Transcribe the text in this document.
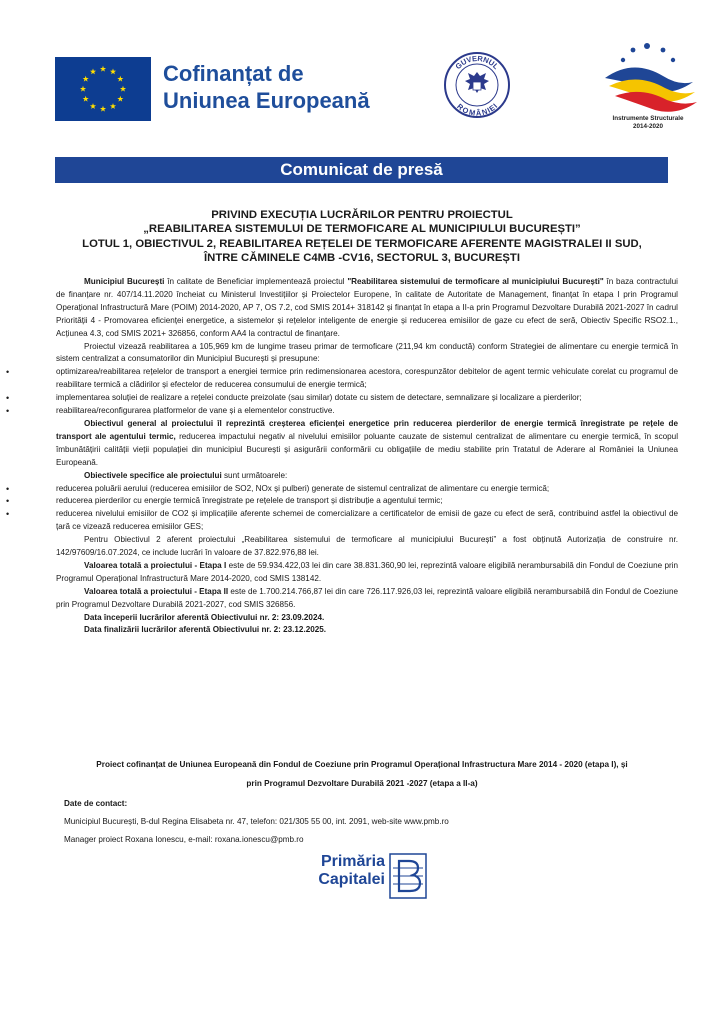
Cofinanțat de
Uniunea Europeană
GUVERNUL
ROMÂNIEI
Instrumente Structurale
2014-2020
Comunicat de presă
PRIVIND EXECUȚIA LUCRĂRILOR PENTRU PROIECTUL
„REABILITAREA SISTEMULUI DE TERMOFICARE AL MUNICIPIULUI BUCUREȘTI”
LOTUL 1, OBIECTIVUL 2, REABILITAREA REȚELEI DE TERMOFICARE AFERENTE MAGISTRALEI II SUD,
ÎNTRE CĂMINELE C4MB -CV16, SECTORUL 3, BUCUREȘTI

Municipiul București în calitate de Beneficiar implementează proiectul "Reabilitarea sistemului de termoficare al municipiului București" în baza contractului de finanțare nr. 407/14.11.2020 încheiat cu Ministerul Investițiilor și Proiectelor Europene, în calitate de Autoritate de Management, finanțat în etapa I prin Programul Operațional Infrastructură Mare (POIM) 2014-2020, AP 7, OS 7.2, cod SMIS 2014+ 318142 și finanțat în etapa a II-a prin Programul Dezvoltare Durabilă 2021-2027 în cadrul Priorității 4 - Promovarea eficienței energetice, a sistemelor și rețelelor inteligente de energie și reducerea emisiilor de gaze cu efect de seră, Obiectiv Specific RSO2.1., Acțiunea 4.3, cod SMIS 2021+ 326856, conform AA4 la contractul de finanțare.

Proiectul vizează reabilitarea a 105,969 km de lungime traseu primar de termoficare (211,94 km conductă) conform Strategiei de alimentare cu energie termică în sistem centralizat a consumatorilor din Municipiul București și presupune:

• optimizarea/reabilitarea rețelelor de transport a energiei termice prin redimensionarea acestora, corespunzător debitelor de agent termic vehiculate corelat cu programul de reabilitare termică a clădirilor și efectelor de reducerea consumului de energie termică;
• implementarea soluției de realizare a rețelei conducte preizolate (sau similar) dotate cu sistem de detectare, semnalizare și localizare a pierderilor;
• reabilitarea/reconfigurarea platformelor de vane și a elementelor constructive.

Obiectivul general al proiectului îl reprezintă creșterea eficienței energetice prin reducerea pierderilor de energie termică înregistrate pe rețele de transport ale agentului termic, reducerea impactului negativ al nivelului emisiilor poluante cauzate de sistemul centralizat de alimentare cu energie termică, în scopul îmbunătățirii calității vieții populației din municipiul București și asigurării conformării cu obligațiile de mediu stabilite prin Tratatul de Aderare al României la Uniunea Europeană.

Obiectivele specifice ale proiectului sunt următoarele:

• reducerea poluării aerului (reducerea emisiilor de SO2, NOx și pulberi) generate de sistemul centralizat de alimentare cu energie termică;
• reducerea pierderilor cu energie termică înregistrate pe rețelele de transport și distribuție a agentului termic;
• reducerea nivelului emisiilor de CO2 și implicațiile aferente schemei de comercializare a certificatelor de emisii de gaze cu efect de seră, contribuind astfel la obiectivul de țară ce vizează reducerea emisiilor GES;

Pentru Obiectivul 2 aferent proiectului „Reabilitarea sistemului de termoficare al municipiului București” a fost obținută Autorizația de construire nr. 142/97609/16.07.2024, ce include lucrări în valoare de 37.822.976,88 lei.

Valoarea totală a proiectului - Etapa I este de 59.934.422,03 lei din care 38.831.360,90 lei, reprezintă valoare eligibilă nerambursabilă din Fondul de Coeziune prin Programul Operațional Infrastructură Mare 2014-2020, cod SMIS 138142.

Valoarea totală a proiectului - Etapa II este de 1.700.214.766,87 lei din care 726.117.926,03 lei, reprezintă valoare eligibilă nerambursabilă din Fondul de Coeziune prin Programul Dezvoltare Durabilă 2021-2027, cod SMIS 326856.

Data începerii lucrărilor aferentă Obiectivului nr. 2: 23.09.2024.

Data finalizării lucrărilor aferentă Obiectivului nr. 2: 23.12.2025.

Proiect cofinanțat de Uniunea Europeană din Fondul de Coeziune prin Programul Operațional Infrastructura Mare 2014 - 2020 (etapa I), și
prin Programul Dezvoltare Durabilă 2021 -2027 (etapa a II-a)
Date de contact:
Municipiul București, B-dul Regina Elisabeta nr. 47, telefon: 021/305 55 00, int. 2091, web-site www.pmb.ro
Manager proiect Roxana Ionescu, e-mail: roxana.ionescu@pmb.ro
Primăria
Capitalei
